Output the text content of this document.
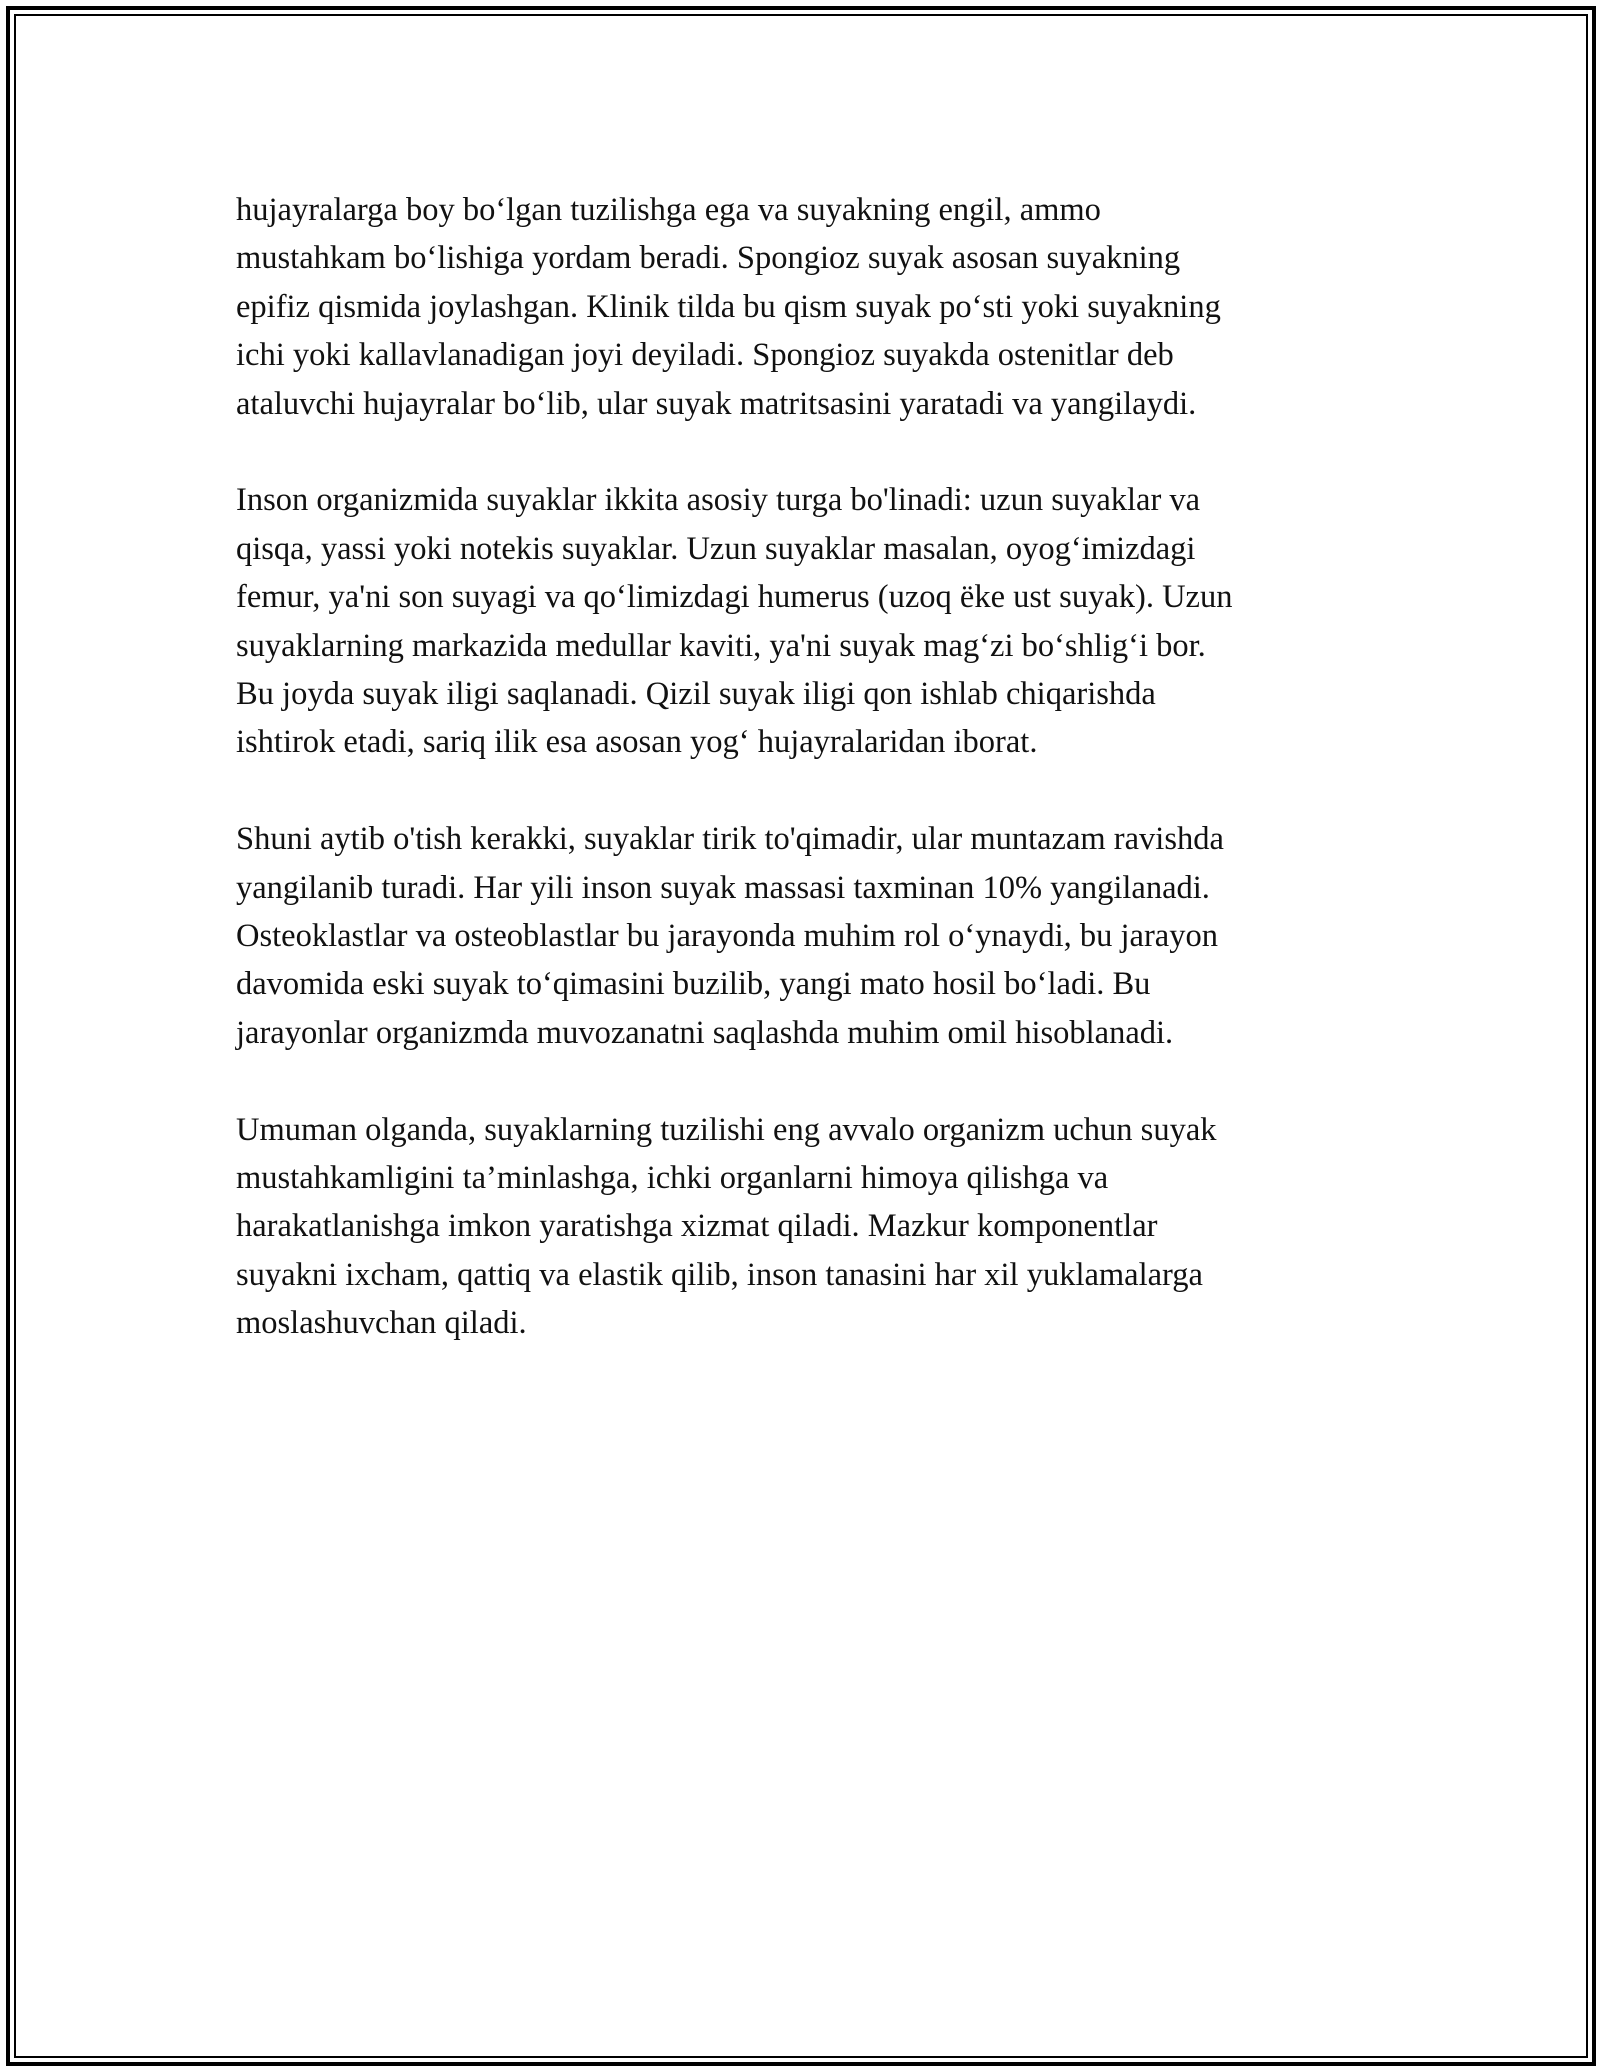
hujayralarga boy bo‘lgan tuzilishga ega va suyakning engil, ammo
mustahkam bo‘lishiga yordam beradi. Spongioz suyak asosan suyakning
epifiz qismida joylashgan. Klinik tilda bu qism suyak po‘sti yoki suyakning
ichi yoki kallavlanadigan joyi deyiladi. Spongioz suyakda ostenitlar deb
ataluvchi hujayralar bo‘lib, ular suyak matritsasini yaratadi va yangilaydi.

Inson organizmida suyaklar ikkita asosiy turga bo'linadi: uzun suyaklar va
qisqa, yassi yoki notekis suyaklar. Uzun suyaklar masalan, oyog‘imizdagi
femur, ya'ni son suyagi va qo‘limizdagi humerus (uzoq ëke ust suyak). Uzun
suyaklarning markazida medullar kaviti, ya'ni suyak mag‘zi bo‘shlig‘i bor.
Bu joyda suyak iligi saqlanadi. Qizil suyak iligi qon ishlab chiqarishda
ishtirok etadi, sariq ilik esa asosan yog‘ hujayralaridan iborat.

Shuni aytib o'tish kerakki, suyaklar tirik to'qimadir, ular muntazam ravishda
yangilanib turadi. Har yili inson suyak massasi taxminan 10% yangilanadi.
Osteoklastlar va osteoblastlar bu jarayonda muhim rol o‘ynaydi, bu jarayon
davomida eski suyak to‘qimasini buzilib, yangi mato hosil bo‘ladi. Bu
jarayonlar organizmda muvozanatni saqlashda muhim omil hisoblanadi.

Umuman olganda, suyaklarning tuzilishi eng avvalo organizm uchun suyak
mustahkamligini ta’minlashga, ichki organlarni himoya qilishga va
harakatlanishga imkon yaratishga xizmat qiladi. Mazkur komponentlar
suyakni ixcham, qattiq va elastik qilib, inson tanasini har xil yuklamalarga
moslashuvchan qiladi.
